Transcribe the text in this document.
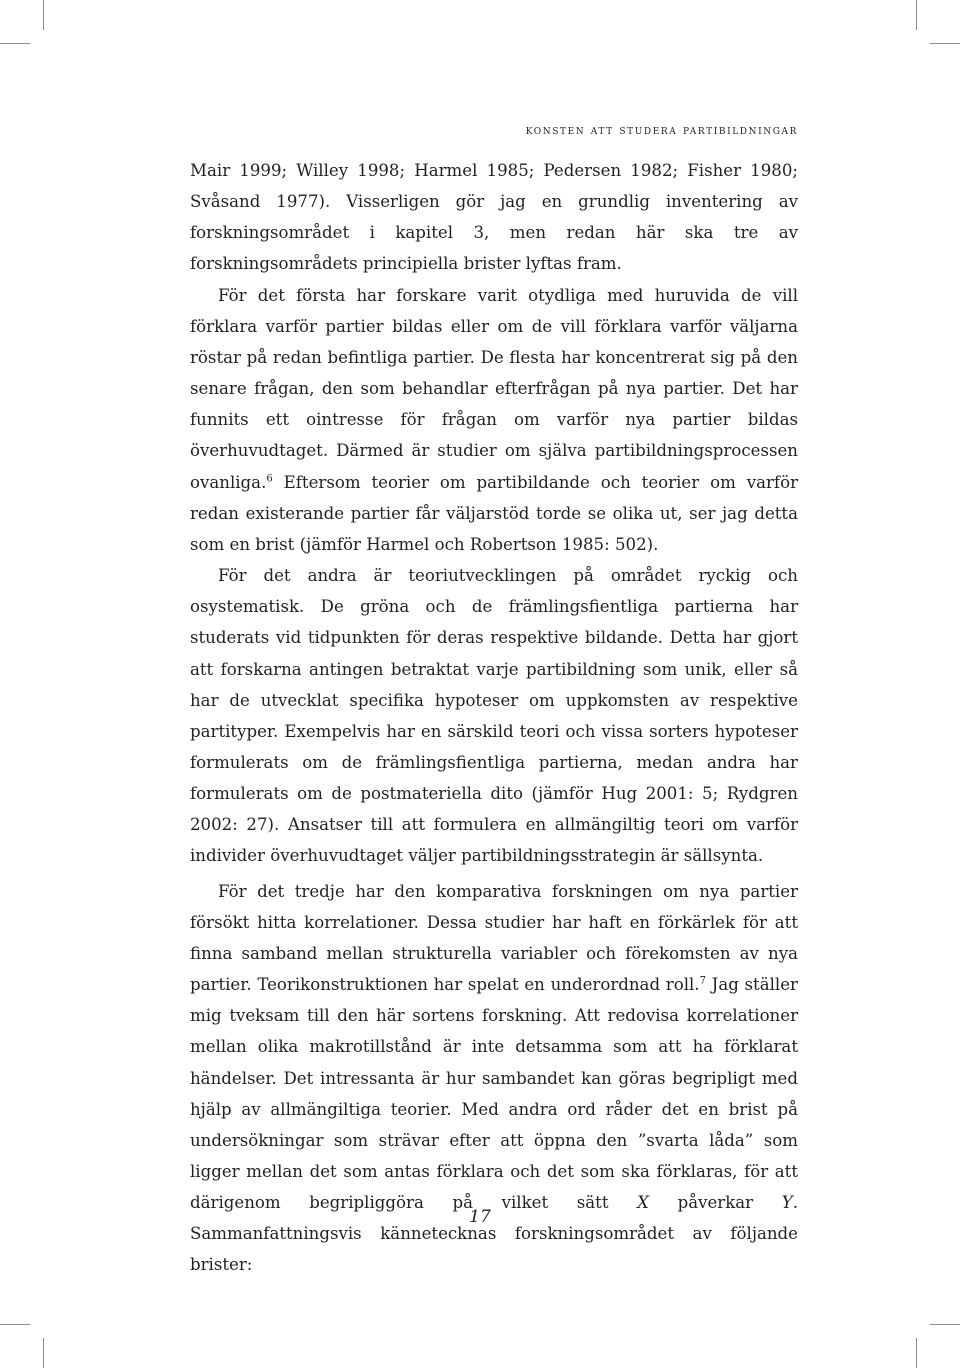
konsten att studera partibildningar

Mair 1999; Willey 1998; Harmel 1985; Pedersen 1982; Fisher 1980; Svåsand 1977). Visserligen gör jag en grundlig inventering av forskningsområdet i kapitel 3, men redan här ska tre av forskningsområdets principiella brister lyftas fram.

För det första har forskare varit otydliga med huruvida de vill förklara varför partier bildas eller om de vill förklara varför väljarna röstar på redan befintliga partier. De flesta har koncentrerat sig på den senare frågan, den som behandlar efterfrågan på nya partier. Det har funnits ett ointresse för frågan om varför nya partier bildas överhuvudtaget. Därmed är studier om själva partibildningsprocessen ovanliga.$^6$ Eftersom teorier om partibildande och teorier om varför redan existerande partier får väljarstöd torde se olika ut, ser jag detta som en brist (jämför Harmel och Robertson 1985: 502).

För det andra är teoriutvecklingen på området ryckig och osystematisk. De gröna och de främlingsfientliga partierna har studerats vid tidpunkten för deras respektive bildande. Detta har gjort att forskarna antingen betraktat varje partibildning som unik, eller så har de utvecklat specifika hypoteser om uppkomsten av respektive partityper. Exempelvis har en särskild teori och vissa sorters hypoteser formulerats om de främlingsfientliga partierna, medan andra har formulerats om de postmateriella dito (jämför Hug 2001: 5; Rydgren 2002: 27). Ansatser till att formulera en allmängiltig teori om varför individer överhuvudtaget väljer partibildningsstrategin är sällsynta.

För det tredje har den komparativa forskningen om nya partier försökt hitta korrelationer. Dessa studier har haft en förkärlek för att finna samband mellan strukturella variabler och förekomsten av nya partier. Teorikonstruktionen har spelat en underordnad roll.$^7$ Jag ställer mig tveksam till den här sortens forskning. Att redovisa korrelationer mellan olika makrotillstånd är inte detsamma som att ha förklarat händelser. Det intressanta är hur sambandet kan göras begripligt med hjälp av allmängiltiga teorier. Med andra ord råder det en brist på undersökningar som strävar efter att öppna den ”svarta låda” som ligger mellan det som antas förklara och det som ska förklaras, för att därigenom begripliggöra på vilket sätt X påverkar Y. Sammanfattningsvis kännetecknas forskningsområdet av följande brister:

17
